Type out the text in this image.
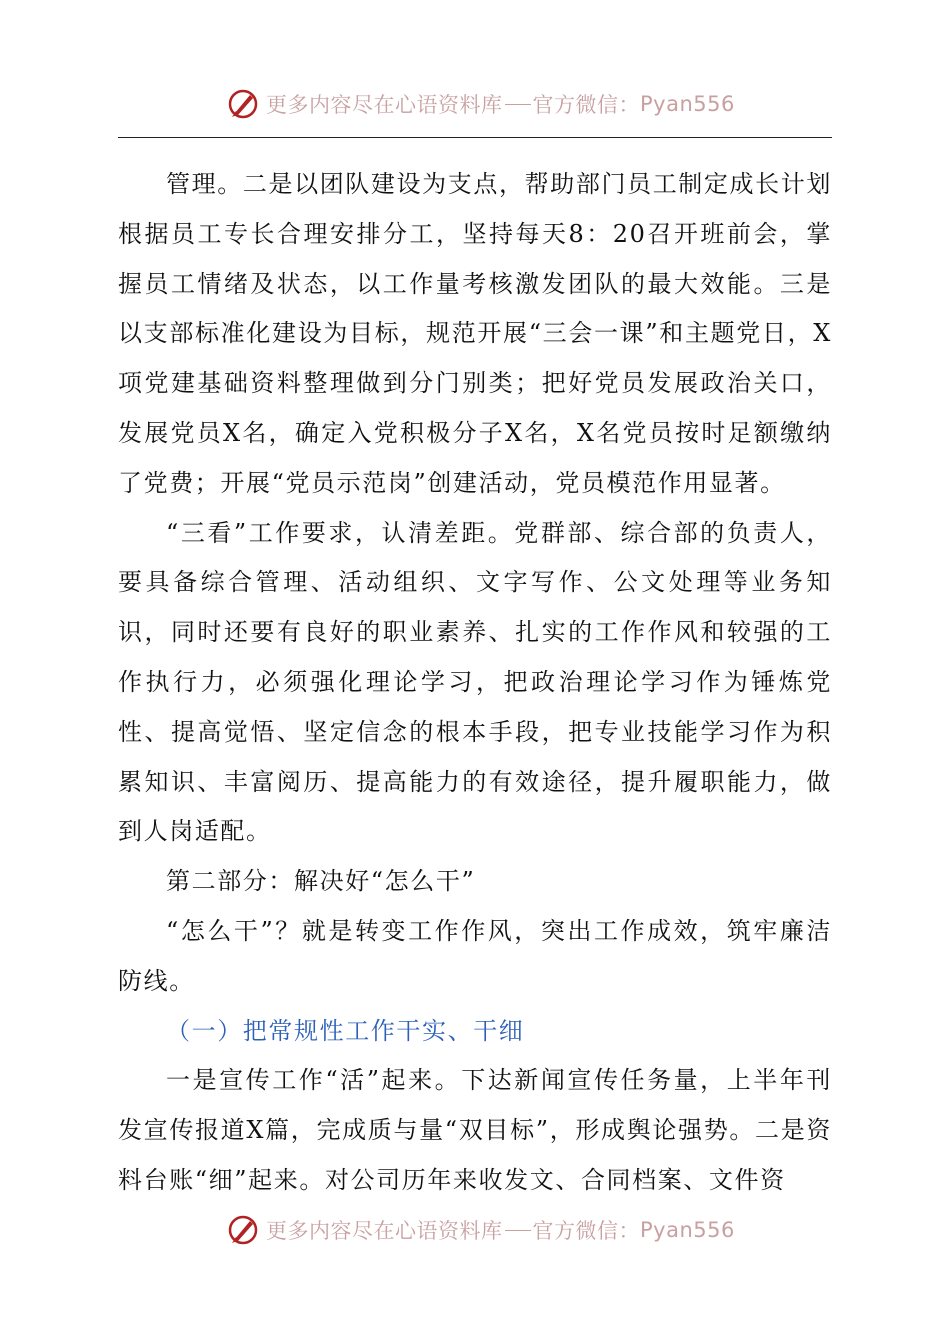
更多内容尽在心语资料库 官方微信： Pyan556

管理。二是以团队建设为支点，帮助部门员工制定成长计划根据员工专长合理安排分工，坚持每天8：20召开班前会，掌握员工情绪及状态，以工作量考核激发团队的最大效能。三是以支部标准化建设为目标，规范开展“三会一课”和主题党日，X项党建基础资料整理做到分门别类；把好党员发展政治关口，发展党员X名，确定入党积极分子X名，X名党员按时足额缴纳了党费；开展“党员示范岗”创建活动，党员模范作用显著。

“三看”工作要求，认清差距。党群部、综合部的负责人，要具备综合管理、活动组织、文字写作、公文处理等业务知识，同时还要有良好的职业素养、扎实的工作作风和较强的工作执行力，必须强化理论学习，把政治理论学习作为锤炼党性、提高觉悟、坚定信念的根本手段，把专业技能学习作为积累知识、丰富阅历、提高能力的有效途径，提升履职能力，做到人岗适配。

第二部分：解决好“怎么干”

“怎么干”？就是转变工作作风，突出工作成效，筑牢廉洁防线。

（一）把常规性工作干实、干细

一是宣传工作“活”起来。下达新闻宣传任务量，上半年刊发宣传报道X篇，完成质与量“双目标”，形成舆论强势。二是资料台账“细”起来。对公司历年来收发文、合同档案、文件资

更多内容尽在心语资料库 官方微信： Pyan556
